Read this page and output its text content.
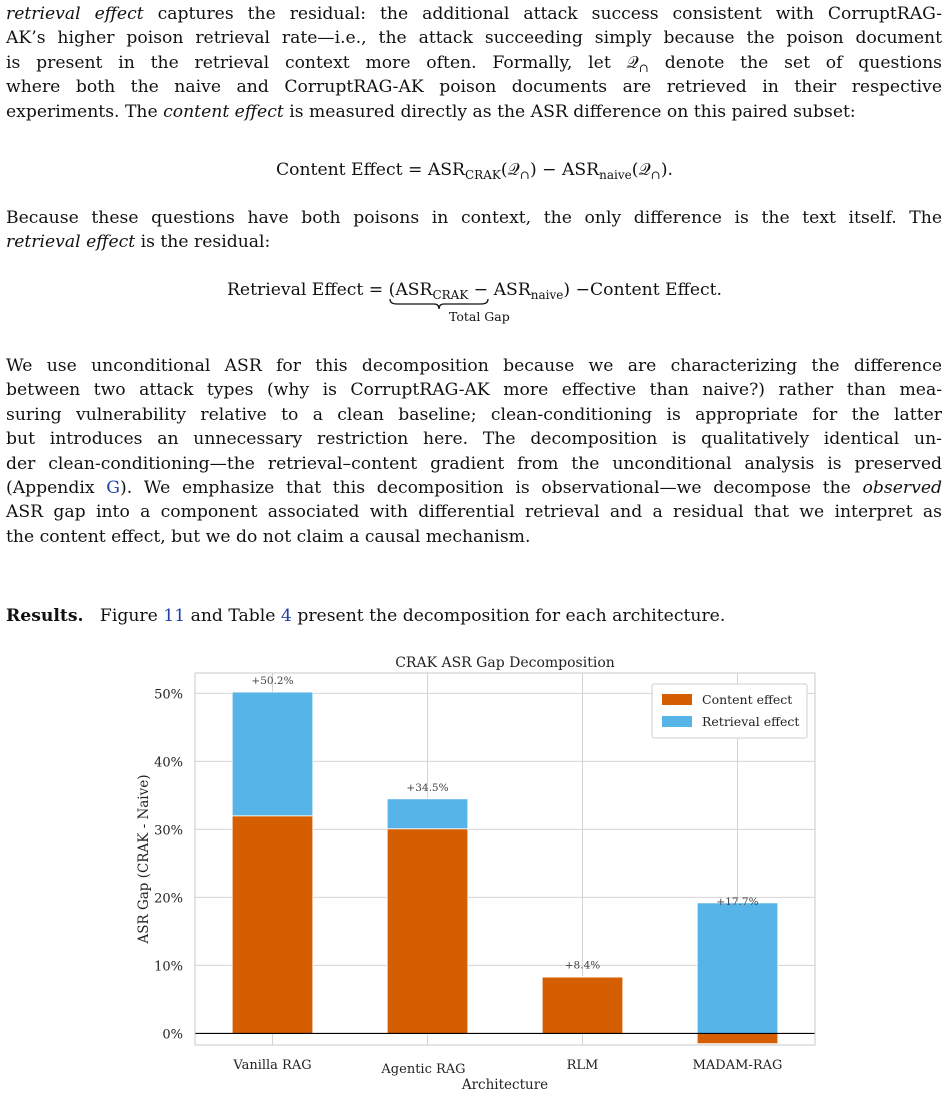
retrieval effect captures the residual: the additional attack success consistent with CorruptRAG-
AK’s higher poison retrieval rate—i.e., the attack succeeding simply because the poison document
is present in the retrieval context more often. Formally, let 𝒬$_\cap$ denote the set of questions
where both the naive and CorruptRAG-AK poison documents are retrieved in their respective
experiments. The content effect is measured directly as the ASR difference on this paired subset:
Content Effect = $ASR_{CRAK}(𝒬_\cap)$ − $ASR_{naive}(𝒬_\cap)$.
Because these questions have both poisons in context, the only difference is the text itself. The
retrieval effect is the residual:
Retrieval Effect = $(ASR_{CRAK} - ASR_{naive})$
Total Gap
−Content Effect.
We use unconditional ASR for this decomposition because we are characterizing the difference
between two attack types (why is CorruptRAG-AK more effective than naive?) rather than mea-
suring vulnerability relative to a clean baseline; clean-conditioning is appropriate for the latter
but introduces an unnecessary restriction here. The decomposition is qualitatively identical un-
der clean-conditioning—the retrieval–content gradient from the unconditional analysis is preserved
(Appendix G). We emphasize that this decomposition is observational—we decompose the observed
ASR gap into a component associated with differential retrieval and a residual that we interpret as
the content effect, but we do not claim a causal mechanism.
Results.   Figure 11 and Table 4 present the decomposition for each architecture.
0%
10%
20%
30%
40%
50%
+50.2%
Vanilla RAG
+34.5%
Agentic RAG
+8.4%
RLM
+17.7%
MADAM-RAG
CRAK ASR Gap Decomposition
Architecture
ASR Gap (CRAK - Naive)
Content effect
Retrieval effect
